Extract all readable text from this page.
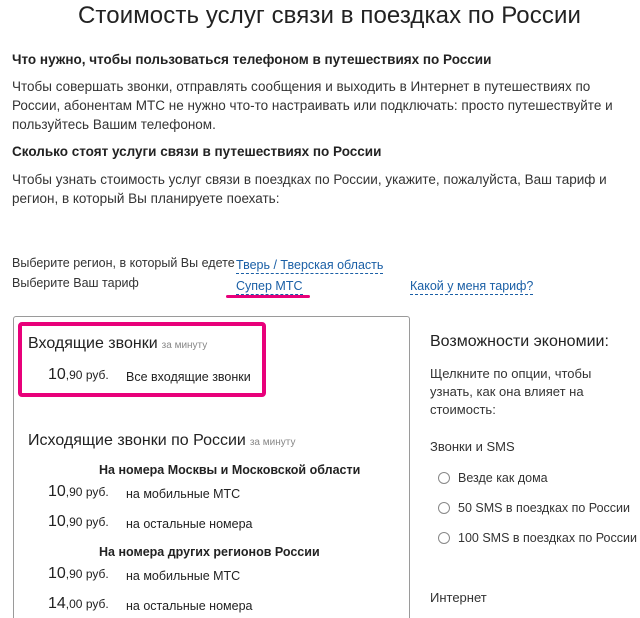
Стоимость услуг связи в поездках по России
Что нужно, чтобы пользоваться телефоном в путешествиях по России

Чтобы совершать звонки, отправлять сообщения и выходить в Интернет в путешествиях по России, абонентам МТС не нужно что-то настраивать или подключать: просто путешествуйте и пользуйтесь Вашим телефоном.

Сколько стоят услуги связи в путешествиях по России

Чтобы узнать стоимость услуг связи в поездках по России, укажите, пожалуйста, Ваш тариф и регион, в который Вы планируете поехать:

Выберите регион, в который Вы едете Тверь / Тверская область
Выберите Ваш тариф	Супер МТС	Какой у меня тариф?
Входящие звонки за минуту
10,90 руб. Все входящие звонки
Исходящие звонки по России за минуту
На номера Москвы и Московской области
10,90 руб. на мобильные МТС
10,90 руб. на остальные номера
На номера других регионов России
10,90 руб. на мобильные МТС
14,00 руб. на остальные номера
Возможности экономии:
Щелкните по опции, чтобы узнать, как она влияет на стоимость:
Звонки и SMS
Везде как дома
50 SMS в поездках по России
100 SMS в поездках по России
Интернет
